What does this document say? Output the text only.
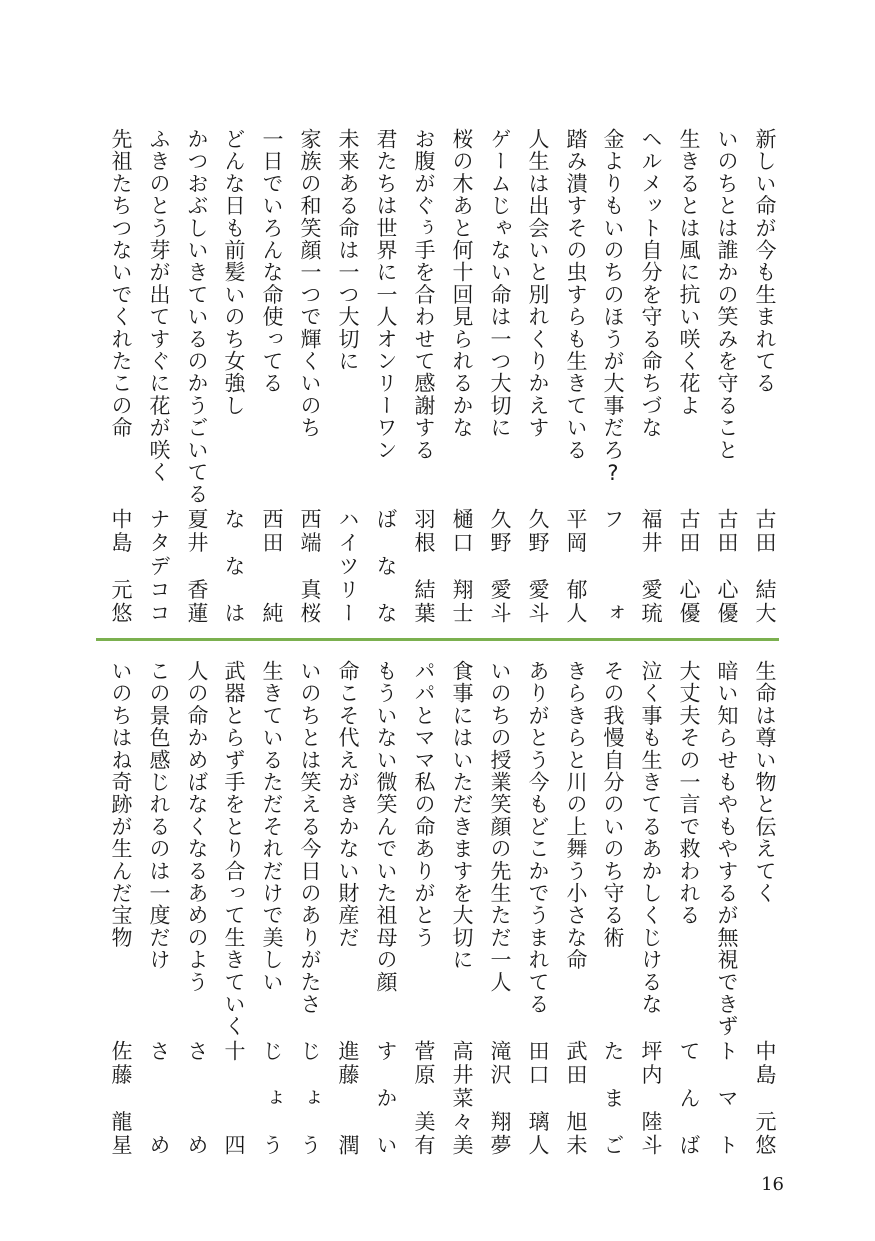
新しい命が今も生まれてる
古田　結大
いのちとは誰かの笑みを守ること
古田　心優
生きるとは風に抗い咲く花よ
古田　心優
ヘルメット自分を守る命ちづな
福井　愛琉
金よりもいのちのほうが大事だろ?
フ　　　ォ
踏み潰すその虫すらも生きている
平岡　郁人
人生は出会いと別れくりかえす
久野　愛斗
ゲームじゃない命は一つ大切に
久野　愛斗
桜の木あと何十回見られるかな
樋口　翔士
お腹がぐぅ手を合わせて感謝する
羽根　結葉
君たちは世界に一人オンリーワン
ば　な　な
未来ある命は一つ大切に
ハイツリー
家族の和笑顔一つで輝くいのち
西端　真桜
一日でいろんな命使ってる
西田　　純
どんな日も前髪いのち女強し
な　な　は
かつおぶしいきているのかうごいてる
夏井　香蓮
ふきのとう芽が出てすぐに花が咲く
ナタデココ
先祖たちつないでくれたこの命
中島　元悠
生命は尊い物と伝えてく
中島　元悠
暗い知らせもやもやするが無視できず
ト　マ　ト
大丈夫その一言で救われる
て　ん　ば
泣く事も生きてるあかしくじけるな
坪内　陸斗
その我慢自分のいのち守る術
た　ま　ご
きらきらと川の上舞う小さな命
武田　旭未
ありがとう今もどこかでうまれてる
田口　璃人
いのちの授業笑顔の先生ただ一人
滝沢　翔夢
食事にはいただきますを大切に
高井菜々美
パパとママ私の命ありがとう
菅原　美有
もういない微笑んでいた祖母の顔
す　か　い
命こそ代えがきかない財産だ
進藤　　潤
いのちとは笑える今日のありがたさ
じょう
生きているただそれだけで美しい
じょう
武器とらず手をとり合って生きていく
十　　　四
人の命かめばなくなるあめのよう
さ　　　め
この景色感じれるのは一度だけ
さ　　　め
いのちはね奇跡が生んだ宝物
佐藤　龍星
16
